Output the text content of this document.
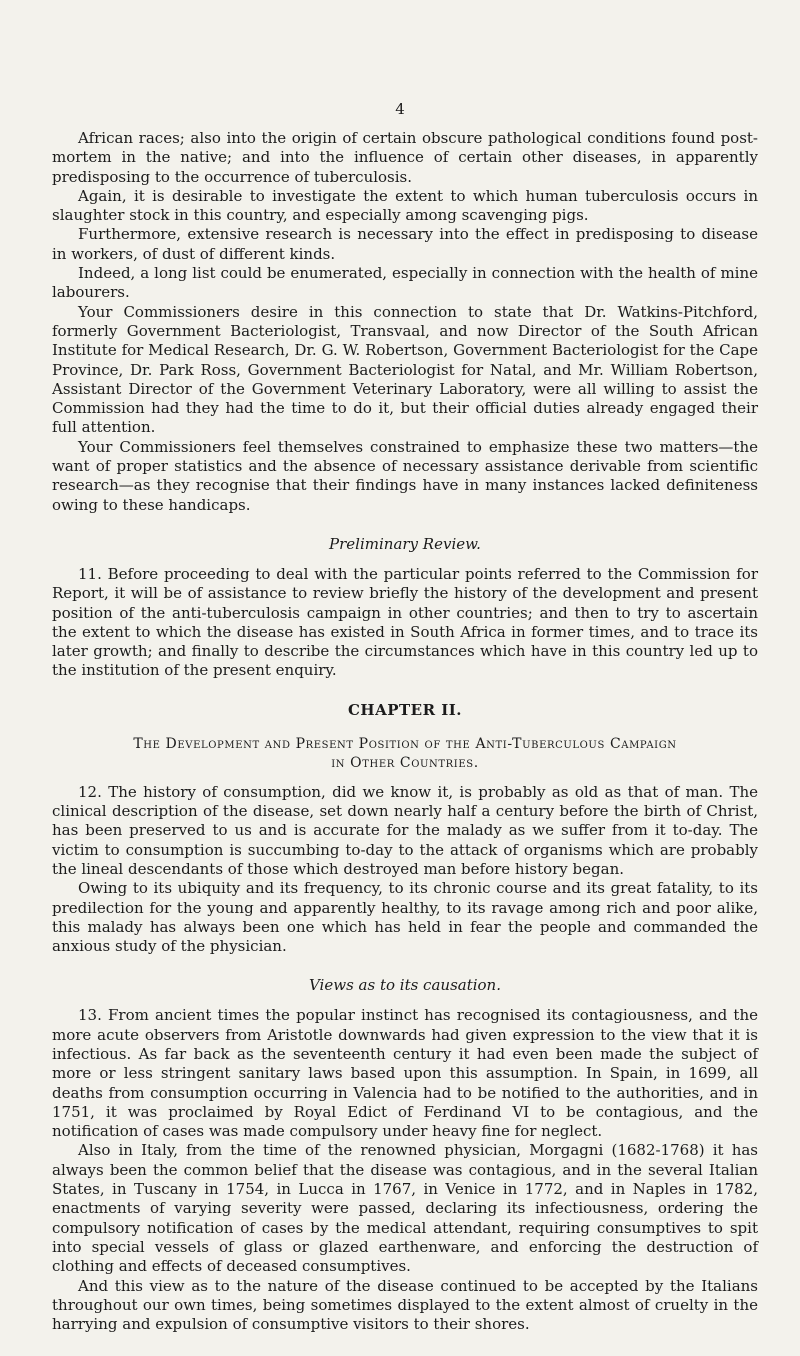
4

African races; also into the origin of certain obscure pathological conditions found post-mortem in the native; and into the influence of certain other diseases, in apparently predisposing to the occurrence of tuberculosis.

Again, it is desirable to investigate the extent to which human tuberculosis occurs in slaughter stock in this country, and especially among scavenging pigs.

Furthermore, extensive research is necessary into the effect in predisposing to disease in workers, of dust of different kinds.

Indeed, a long list could be enumerated, especially in connection with the health of mine labourers.

Your Commissioners desire in this connection to state that Dr. Watkins-Pitchford, formerly Government Bacteriologist, Transvaal, and now Director of the South African Institute for Medical Research, Dr. G. W. Robertson, Government Bacteriologist for the Cape Province, Dr. Park Ross, Government Bacteriologist for Natal, and Mr. William Robertson, Assistant Director of the Government Veterinary Laboratory, were all willing to assist the Commission had they had the time to do it, but their official duties already engaged their full attention.

Your Commissioners feel themselves constrained to emphasize these two matters—the want of proper statistics and the absence of necessary assistance derivable from scientific research—as they recognise that their findings have in many instances lacked definiteness owing to these handicaps.

Preliminary Review.

11. Before proceeding to deal with the particular points referred to the Commission for Report, it will be of assistance to review briefly the history of the development and present position of the anti-tuberculosis campaign in other countries; and then to try to ascertain the extent to which the disease has existed in South Africa in former times, and to trace its later growth; and finally to describe the circumstances which have in this country led up to the institution of the present enquiry.

CHAPTER II.
The Development and Present Position of the Anti-Tuberculous Campaign
in Other Countries.

12. The history of consumption, did we know it, is probably as old as that of man. The clinical description of the disease, set down nearly half a century before the birth of Christ, has been preserved to us and is accurate for the malady as we suffer from it to-day. The victim to consumption is succumbing to-day to the attack of organisms which are probably the lineal descendants of those which destroyed man before history began.

Owing to its ubiquity and its frequency, to its chronic course and its great fatality, to its predilection for the young and apparently healthy, to its ravage among rich and poor alike, this malady has always been one which has held in fear the people and commanded the anxious study of the physician.

Views as to its causation.

13. From ancient times the popular instinct has recognised its contagiousness, and the more acute observers from Aristotle downwards had given expression to the view that it is infectious. As far back as the seventeenth century it had even been made the subject of more or less stringent sanitary laws based upon this assumption. In Spain, in 1699, all deaths from consumption occurring in Valencia had to be notified to the authorities, and in 1751, it was proclaimed by Royal Edict of Ferdinand VI to be contagious, and the notification of cases was made compulsory under heavy fine for neglect.

Also in Italy, from the time of the renowned physician, Morgagni (1682-1768) it has always been the common belief that the disease was contagious, and in the several Italian States, in Tuscany in 1754, in Lucca in 1767, in Venice in 1772, and in Naples in 1782, enactments of varying severity were passed, declaring its infectiousness, ordering the compulsory notification of cases by the medical attendant, requiring consumptives to spit into special vessels of glass or glazed earthenware, and enforcing the destruction of clothing and effects of deceased consumptives.

And this view as to the nature of the disease continued to be accepted by the Italians throughout our own times, being sometimes displayed to the extent almost of cruelty in the harrying and expulsion of consumptive visitors to their shores.
